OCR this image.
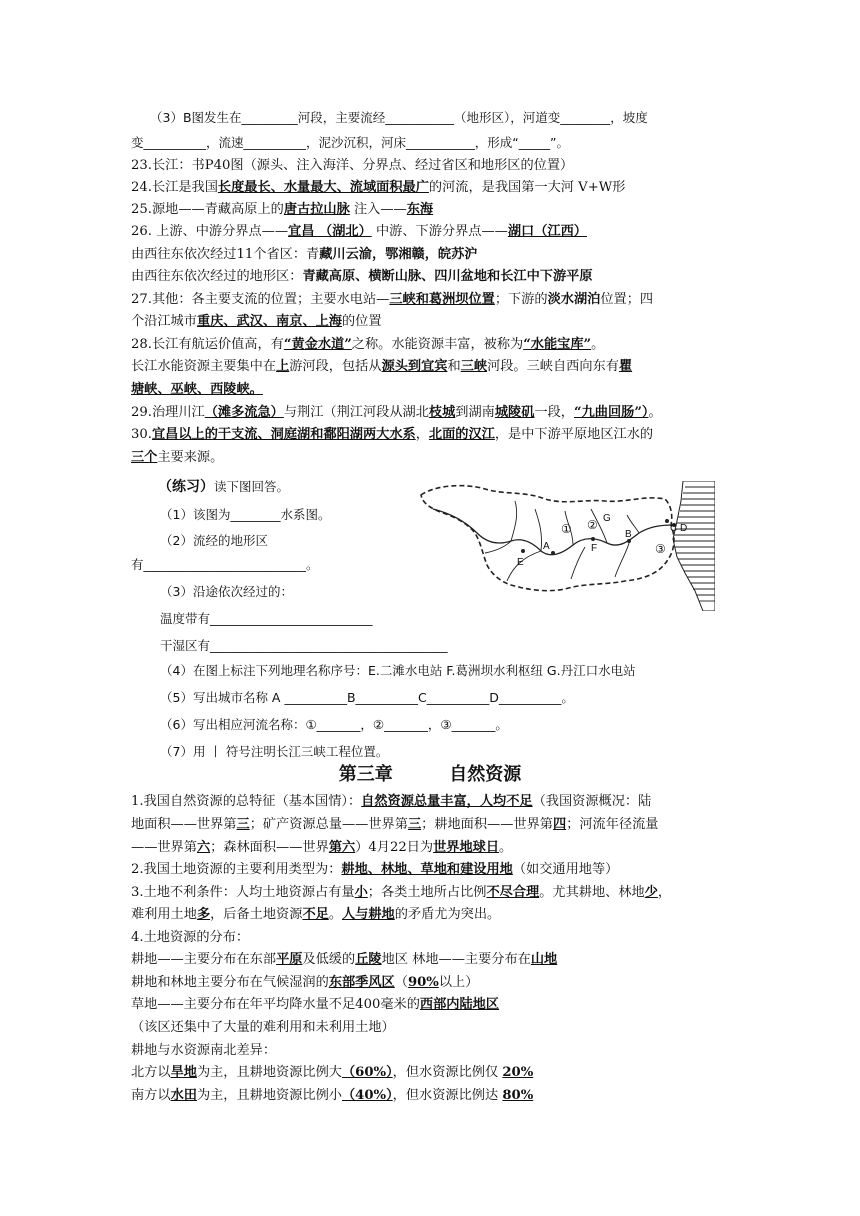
（3）B图发生在_________河段，主要流经___________（地形区），河道变________，坡度
变__________，流速__________，泥沙沉积，河床___________，形成“_____”。
23.长江：书P40图（源头、注入海洋、分界点、经过省区和地形区的位置）
24.长江是我国长度最长、水量最大、流域面积最广的河流，是我国第一大河 V+W形
25.源地——青藏高原上的唐古拉山脉 注入——东海
26. 上游、中游分界点——宜昌 （湖北） 中游、下游分界点——湖口（江西）
由西往东依次经过11个省区：青藏川云渝，鄂湘赣，皖苏沪
由西往东依次经过的地形区：青藏高原、横断山脉、四川盆地和长江中下游平原
27.其他：各主要支流的位置；主要水电站—三峡和葛洲坝位置；下游的淡水湖泊位置；四
个沿江城市重庆、武汉、南京、上海的位置
28.长江有航运价值高，有“黄金水道”之称。水能资源丰富，被称为“水能宝库”。
长江水能资源主要集中在上游河段，包括从源头到宜宾和三峡河段。三峡自西向东有瞿
塘峡、巫峡、西陵峡。
29.治理川江（滩多流急）与荆江（荆江河段从湖北枝城到湖南城陵矶一段，“九曲回肠”）。
30.宜昌以上的干支流、洞庭湖和鄱阳湖两大水系，北面的汉江，是中下游平原地区江水的
三个主要来源。
（练习）读下图回答。
（1）该图为________水系图。
（2）流经的地形区
有__________________________。
（3）沿途依次经过的：
温度带有__________________________
干湿区有______________________________________
（4）在图上标注下列地理名称序号：E.二滩水电站 F.葛洲坝水利枢纽 G.丹江口水电站
（5）写出城市名称 A __________B__________C__________D__________。
（6）写出相应河流名称：①_______，②_______，③_______。
（7）用 丨 符号注明长江三峡工程位置。
A
B
C D
E
F
G
① ②
③
第三章         自然资源
1.我国自然资源的总特征（基本国情）：自然资源总量丰富，人均不足（我国资源概况：陆
地面积——世界第三；矿产资源总量——世界第三；耕地面积——世界第四；河流年径流量
——世界第六；森林面积——世界第六）4月22日为世界地球日。
2.我国土地资源的主要利用类型为：耕地、林地、草地和建设用地（如交通用地等）
3.土地不利条件：人均土地资源占有量小；各类土地所占比例不尽合理。尤其耕地、林地少，
难利用土地多，后备土地资源不足。人与耕地的矛盾尤为突出。
4.土地资源的分布：
耕地——主要分布在东部平原及低缓的丘陵地区 林地——主要分布在山地
耕地和林地主要分布在气候湿润的东部季风区（90%以上）
草地——主要分布在年平均降水量不足400毫米的西部内陆地区
（该区还集中了大量的难利用和未利用土地）
耕地与水资源南北差异：
北方以旱地为主，且耕地资源比例大（60%），但水资源比例仅 20%
南方以水田为主，且耕地资源比例小（40%），但水资源比例达 80%
